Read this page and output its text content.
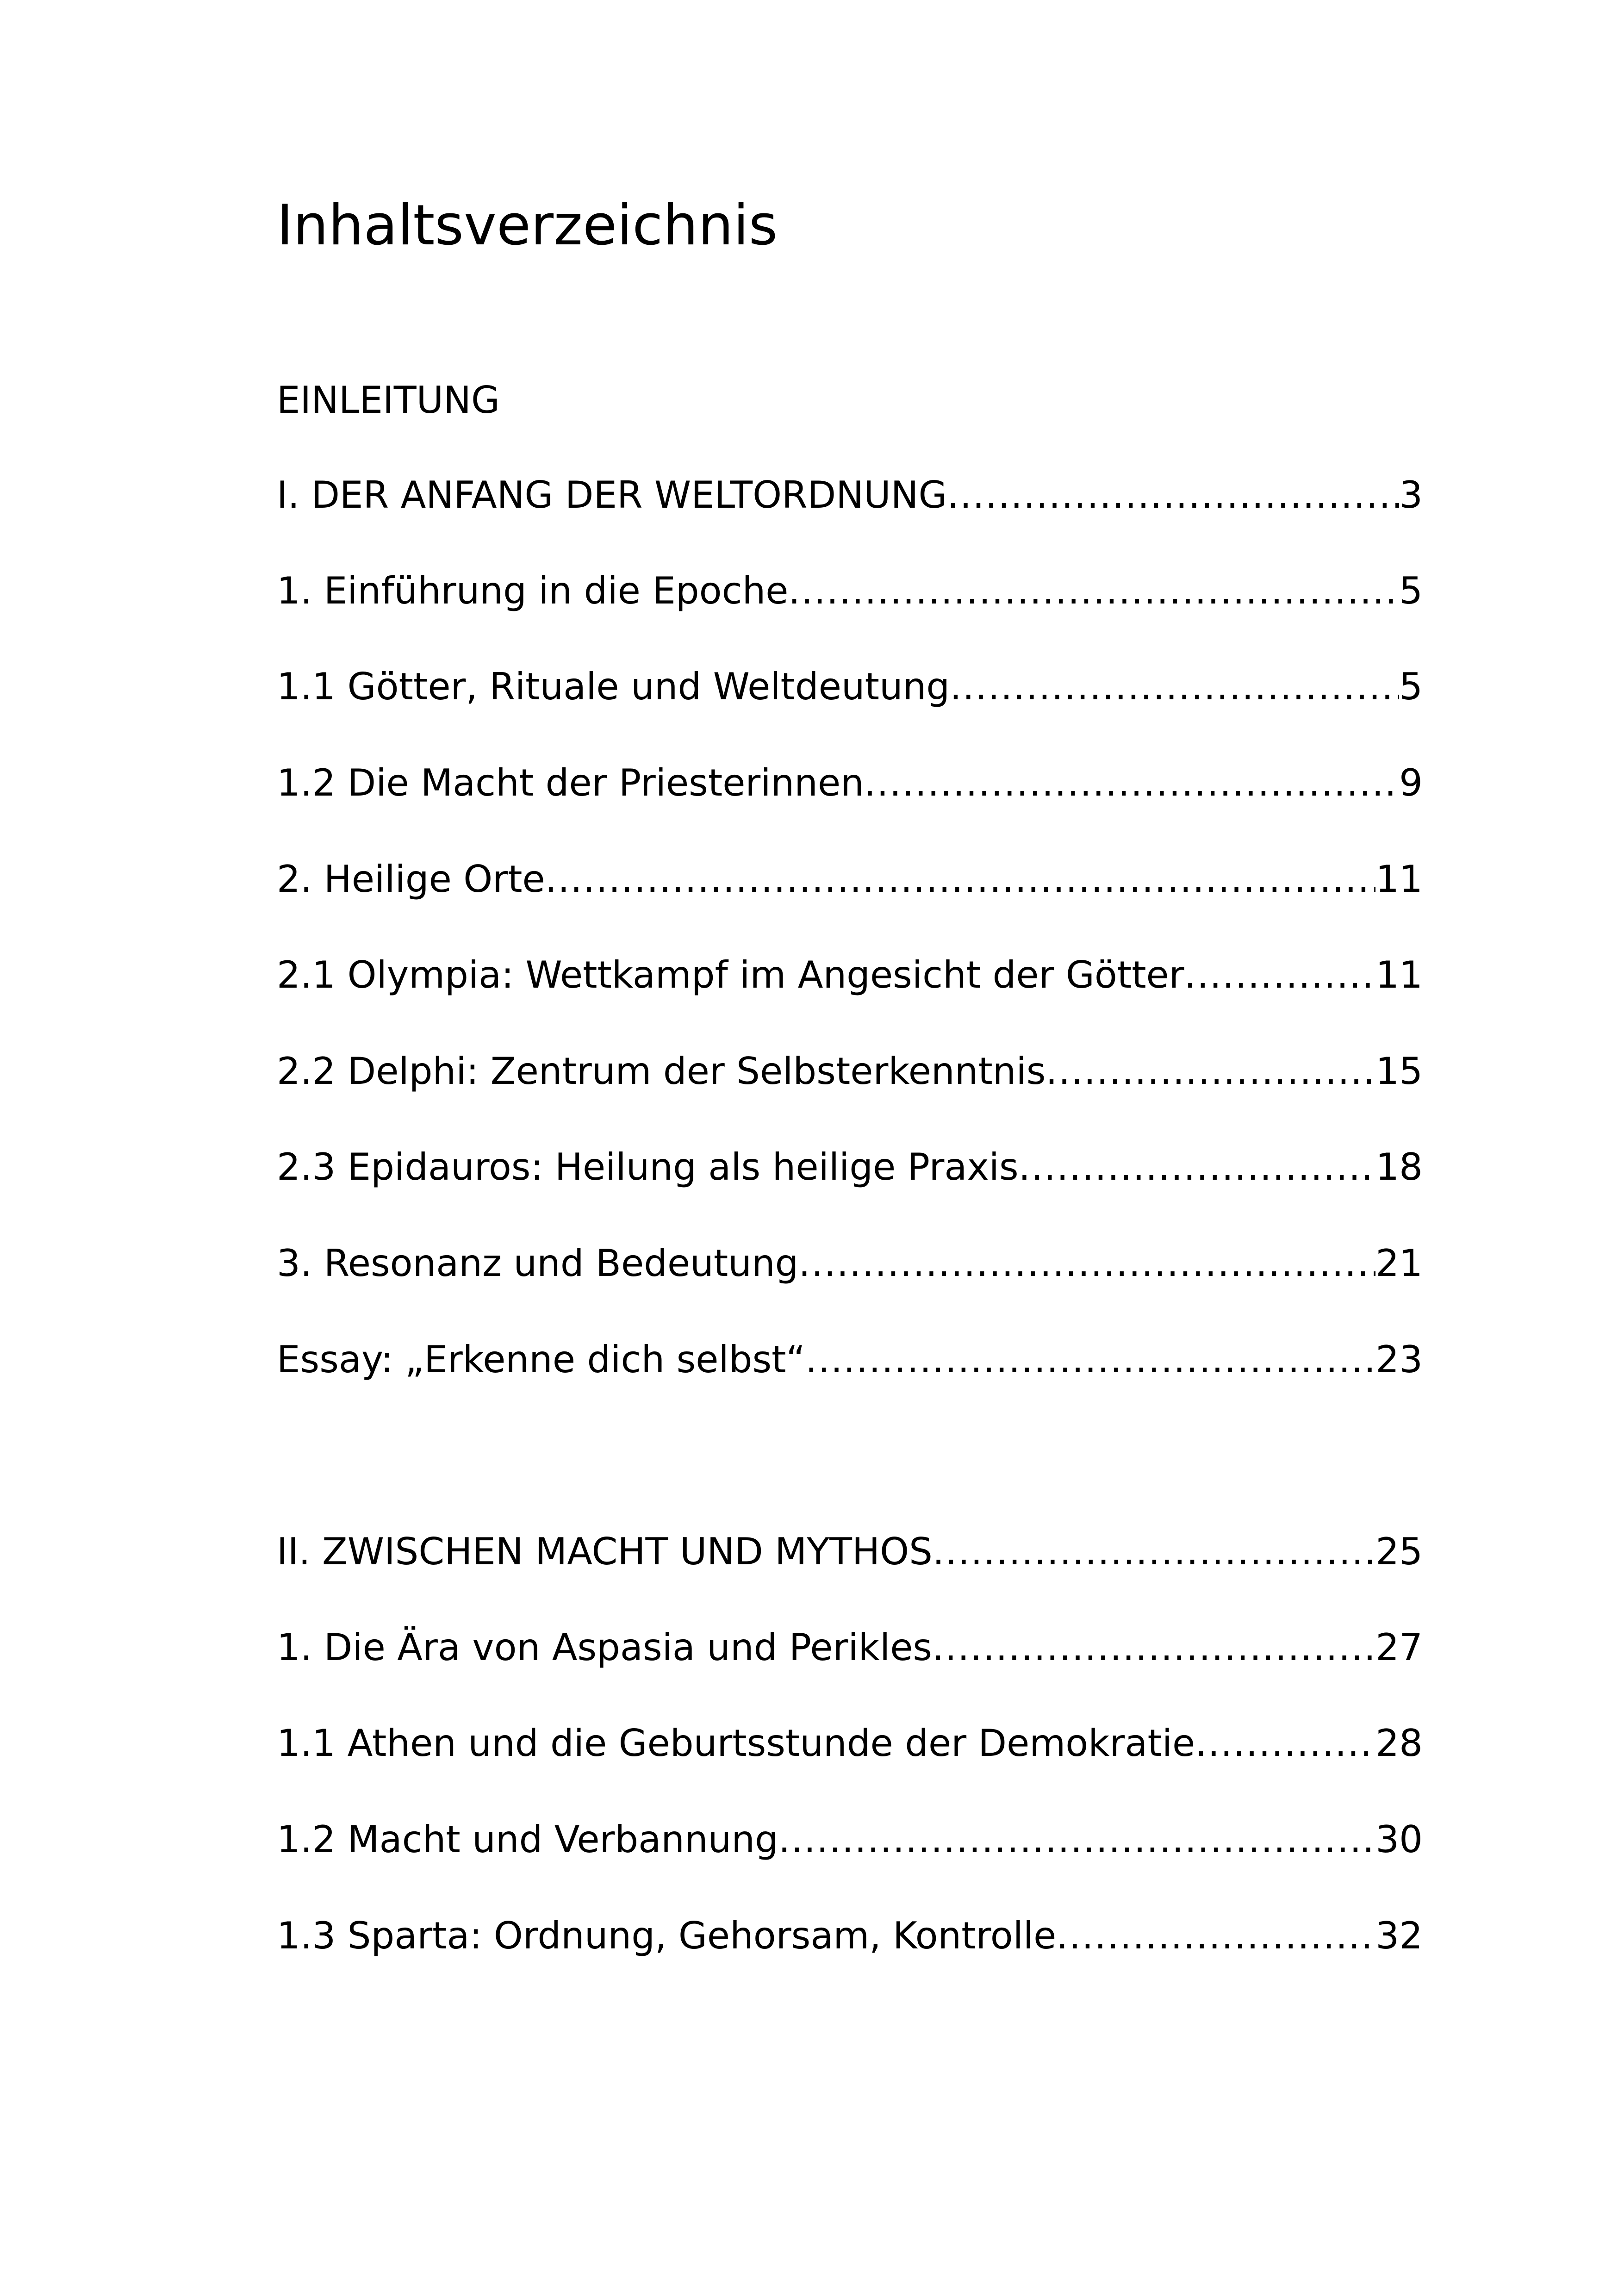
Inhaltsverzeichnis
EINLEITUNG
I. DER ANFANG DER WELTORDNUNG .....	3
1. Einführung in die Epoche .....	5
1.1 Götter, Rituale und Weltdeutung .....	5
1.2 Die Macht der Priesterinnen .....	9
2. Heilige Orte .....	11
2.1 Olympia: Wettkampf im Angesicht der Götter .....	11
2.2 Delphi: Zentrum der Selbsterkenntnis .....	15
2.3 Epidauros: Heilung als heilige Praxis .....	18
3. Resonanz und Bedeutung .....	21
Essay: „Erkenne dich selbst“ .....	23
II. ZWISCHEN MACHT UND MYTHOS .....	25
1. Die Ära von Aspasia und Perikles .....	27
1.1 Athen und die Geburtsstunde der Demokratie .....	28
1.2 Macht und Verbannung .....	30
1.3 Sparta: Ordnung, Gehorsam, Kontrolle .....	32
